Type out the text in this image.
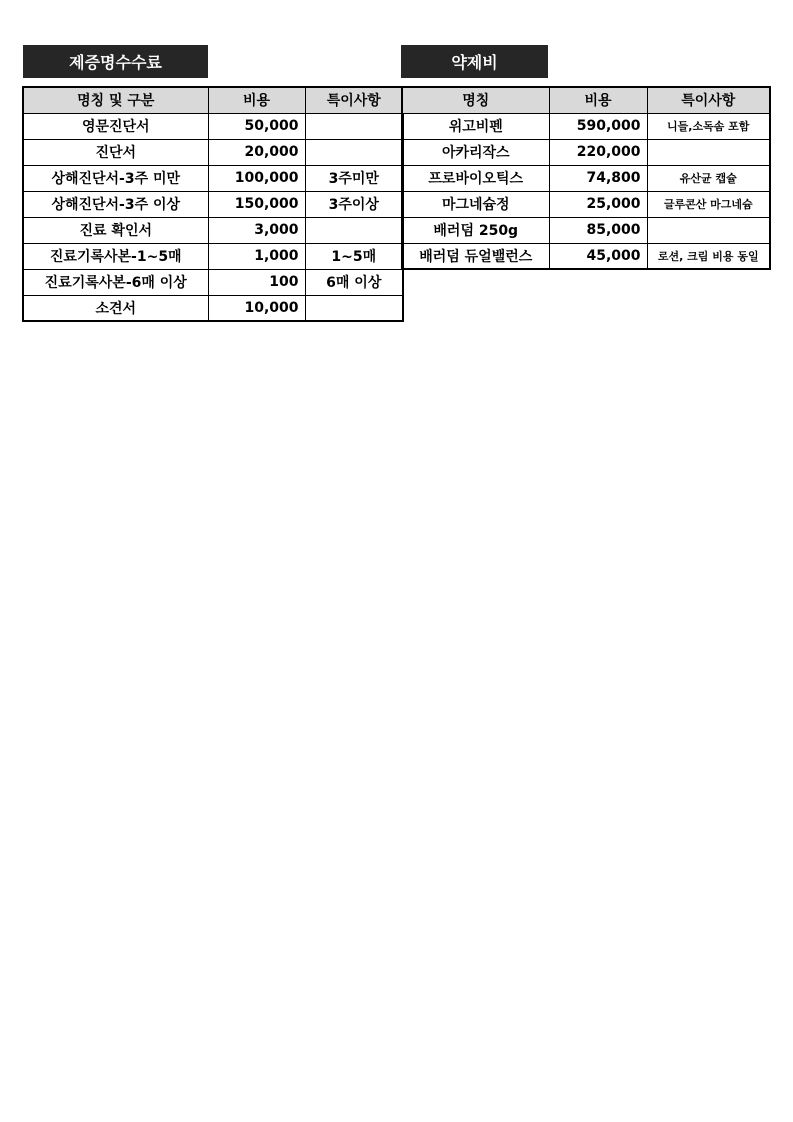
제증명수수료	약제비
명칭 및 구분	비용	특이사항
영문진단서	50,000	
진단서	20,000	
상해진단서-3주 미만	100,000	3주미만
상해진단서-3주 이상	150,000	3주이상
진료 확인서	3,000	
진료기록사본-1~5매	1,000	1~5매
진료기록사본-6매 이상	100	6매 이상
소견서	10,000	
명칭	비용	특이사항
위고비펜	590,000	니들,소독솜 포함
아카리작스	220,000	
프로바이오틱스	74,800	유산균 캡슐
마그네슘정	25,000	글루콘산 마그네슘
배러덤 250g	85,000	
배러덤 듀얼밸런스	45,000	로션, 크림 비용 동일
